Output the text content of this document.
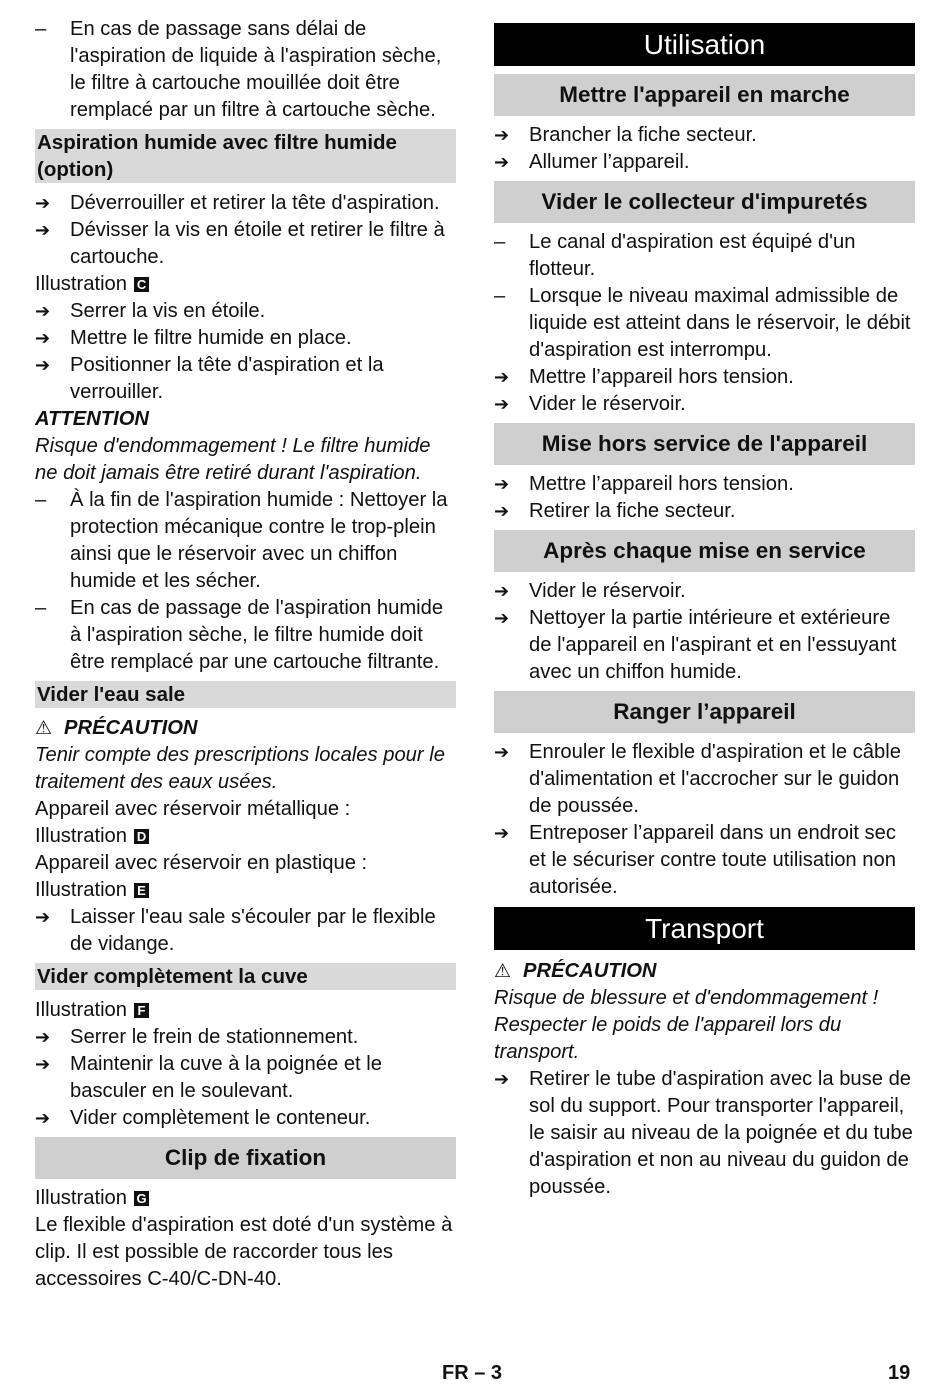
–	En cas de passage sans délai de l'aspiration de liquide à l'aspiration sèche, le filtre à cartouche mouillée doit être remplacé par un filtre à cartouche sèche.
Aspiration humide avec filtre humide (option)
➔ Déverrouiller et retirer la tête d'aspiration.
➔ Dévisser la vis en étoile et retirer le filtre à cartouche.
Illustration C
➔ Serrer la vis en étoile.
➔ Mettre le filtre humide en place.
➔ Positionner la tête d'aspiration et la verrouiller.
ATTENTION
Risque d'endommagement ! Le filtre humide ne doit jamais être retiré durant l'aspiration.
–	À la fin de l'aspiration humide : Nettoyer la protection mécanique contre le trop-plein ainsi que le réservoir avec un chiffon humide et les sécher.
–	En cas de passage de l'aspiration humide à l'aspiration sèche, le filtre humide doit être remplacé par une cartouche filtrante.
Vider l'eau sale
⚠ PRÉCAUTION
Tenir compte des prescriptions locales pour le traitement des eaux usées.
Appareil avec réservoir métallique :
Illustration D
Appareil avec réservoir en plastique :
Illustration E
➔ Laisser l'eau sale s'écouler par le flexible de vidange.
Vider complètement la cuve
Illustration F
➔ Serrer le frein de stationnement.
➔ Maintenir la cuve à la poignée et le basculer en le soulevant.
➔ Vider complètement le conteneur.
Clip de fixation
Illustration G
Le flexible d'aspiration est doté d'un système à clip. Il est possible de raccorder tous les accessoires C-40/C-DN-40.
Utilisation
Mettre l'appareil en marche
➔ Brancher la fiche secteur.
➔ Allumer l’appareil.
Vider le collecteur d'impuretés
–	Le canal d'aspiration est équipé d'un flotteur.
–	Lorsque le niveau maximal admissible de liquide est atteint dans le réservoir, le débit d'aspiration est interrompu.
➔ Mettre l’appareil hors tension.
➔ Vider le réservoir.
Mise hors service de l'appareil
➔ Mettre l’appareil hors tension.
➔ Retirer la fiche secteur.
Après chaque mise en service
➔ Vider le réservoir.
➔ Nettoyer la partie intérieure et extérieure de l'appareil en l'aspirant et en l'essuyant avec un chiffon humide.
Ranger l’appareil
➔ Enrouler le flexible d'aspiration et le câble d'alimentation et l'accrocher sur le guidon de poussée.
➔ Entreposer l’appareil dans un endroit sec et le sécuriser contre toute utilisation non autorisée.
Transport
⚠ PRÉCAUTION
Risque de blessure et d'endommagement ! Respecter le poids de l'appareil lors du transport.
➔ Retirer le tube d'aspiration avec la buse de sol du support. Pour transporter l'appareil, le saisir au niveau de la poignée et du tube d'aspiration et non au niveau du guidon de poussée.
FR – 3	19
